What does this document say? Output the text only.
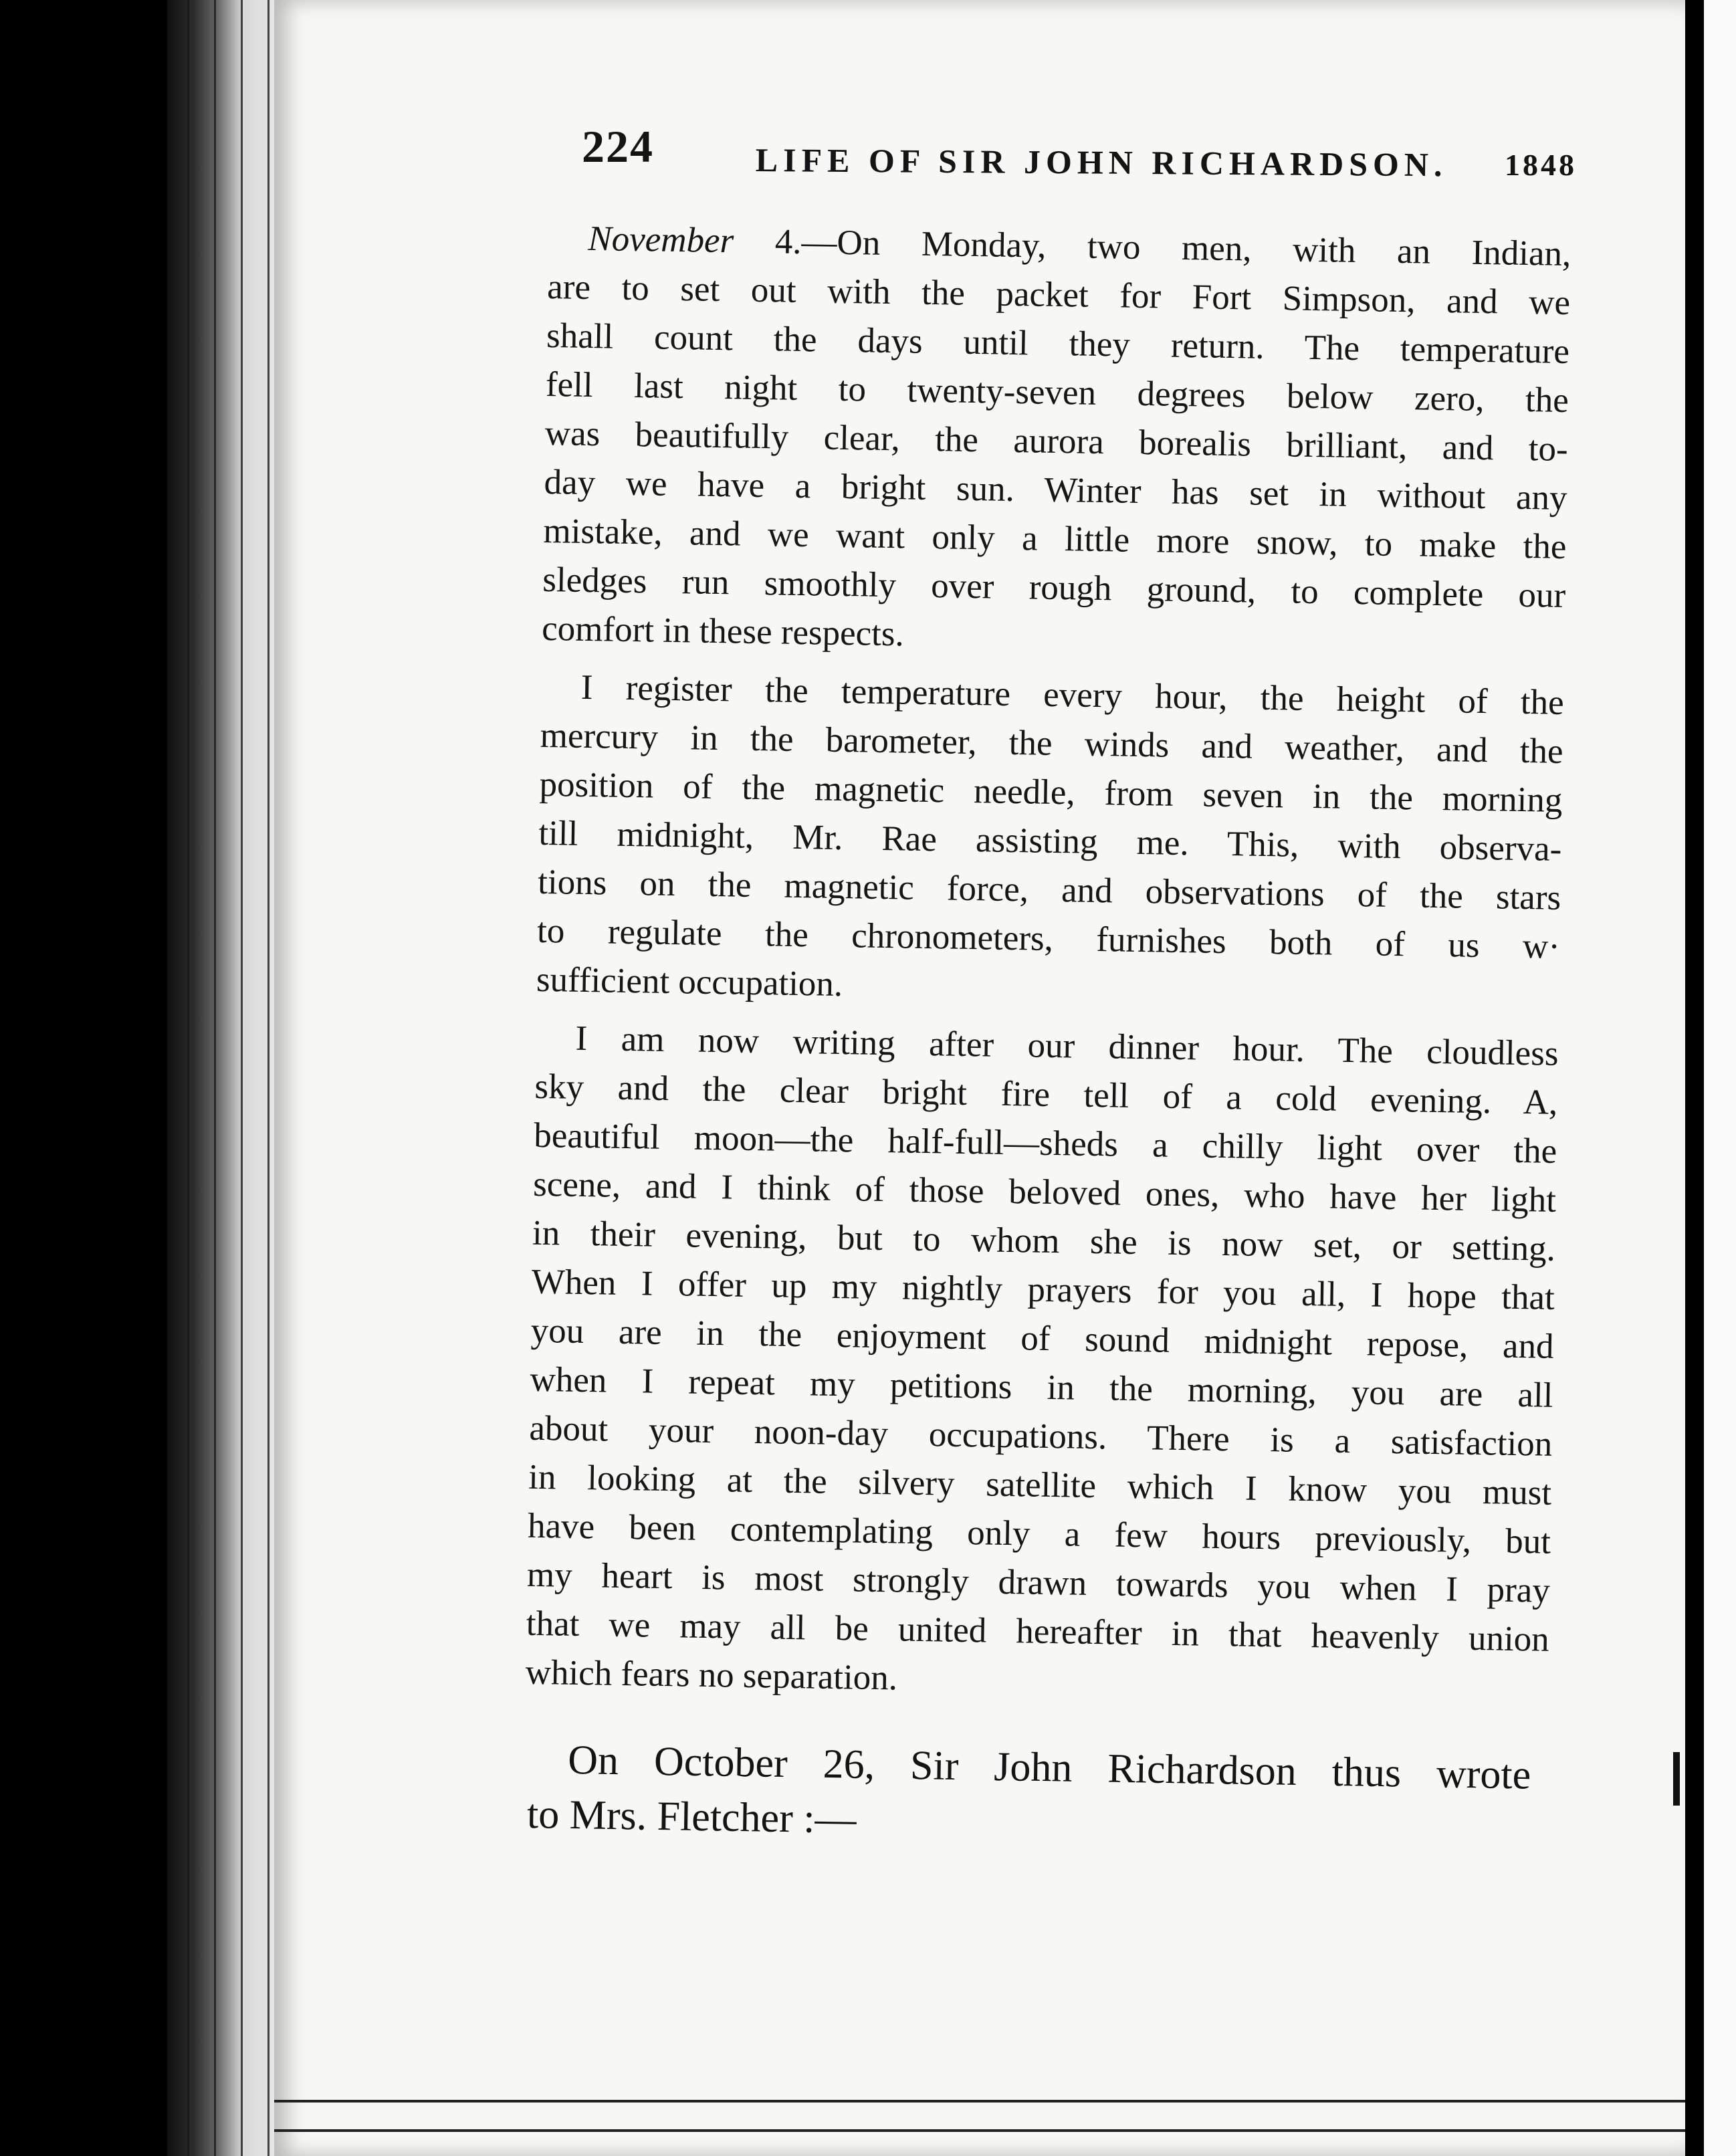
224	LIFE OF SIR JOHN RICHARDSON. 1848
November 4.—On Monday, two men, with an Indian,
are to set out with the packet for Fort Simpson, and we
shall count the days until they return. The temperature
fell last night to twenty-seven degrees below zero, the
was beautifully clear, the aurora borealis brilliant, and to-
day we have a bright sun. Winter has set in without any
mistake, and we want only a little more snow, to make the
sledges run smoothly over rough ground, to complete our
comfort in these respects.
I register the temperature every hour, the height of the
mercury in the barometer, the winds and weather, and the
position of the magnetic needle, from seven in the morning
till midnight, Mr. Rae assisting me. This, with observa-
tions on the magnetic force, and observations of the stars
to regulate the chronometers, furnishes both of us w·
sufficient occupation.
I am now writing after our dinner hour. The cloudless
sky and the clear bright fire tell of a cold evening. A,
beautiful moon—the half-full—sheds a chilly light over the
scene, and I think of those beloved ones, who have her light
in their evening, but to whom she is now set, or setting.
When I offer up my nightly prayers for you all, I hope that
you are in the enjoyment of sound midnight repose, and
when I repeat my petitions in the morning, you are all
about your noon-day occupations. There is a satisfaction
in looking at the silvery satellite which I know you must
have been contemplating only a few hours previously, but
my heart is most strongly drawn towards you when I pray
that we may all be united hereafter in that heavenly union
which fears no separation.
On October 26, Sir John Richardson thus wrote
to Mrs. Fletcher :—
